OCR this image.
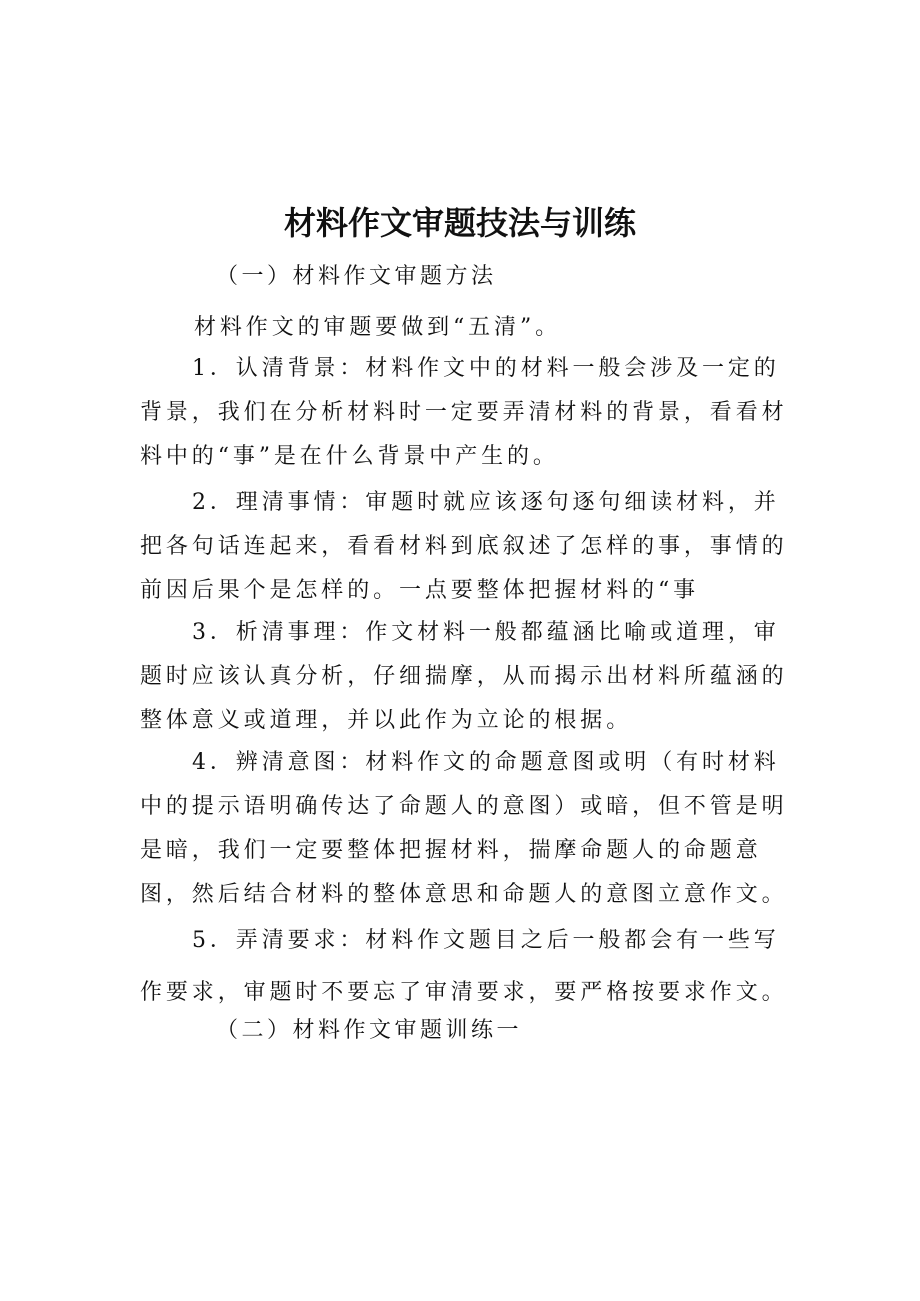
材料作文审题技法与训练
（一）材料作文审题方法
材料作文的审题要做到“五清”。
1．认清背景：材料作文中的材料一般会涉及一定的背景，我们在分析材料时一定要弄清材料的背景，看看材料中的“事”是在什么背景中产生的。
2．理清事情：审题时就应该逐句逐句细读材料，并把各句话连起来，看看材料到底叙述了怎样的事，事情的前因后果个是怎样的。一点要整体把握材料的“事
3．析清事理：作文材料一般都蕴涵比喻或道理，审题时应该认真分析，仔细揣摩，从而揭示出材料所蕴涵的整体意义或道理，并以此作为立论的根据。
4．辨清意图：材料作文的命题意图或明（有时材料中的提示语明确传达了命题人的意图）或暗，但不管是明是暗，我们一定要整体把握材料，揣摩命题人的命题意图，然后结合材料的整体意思和命题人的意图立意作文。
5．弄清要求：材料作文题目之后一般都会有一些写作要求，审题时不要忘了审清要求，要严格按要求作文。
（二）材料作文审题训练一
